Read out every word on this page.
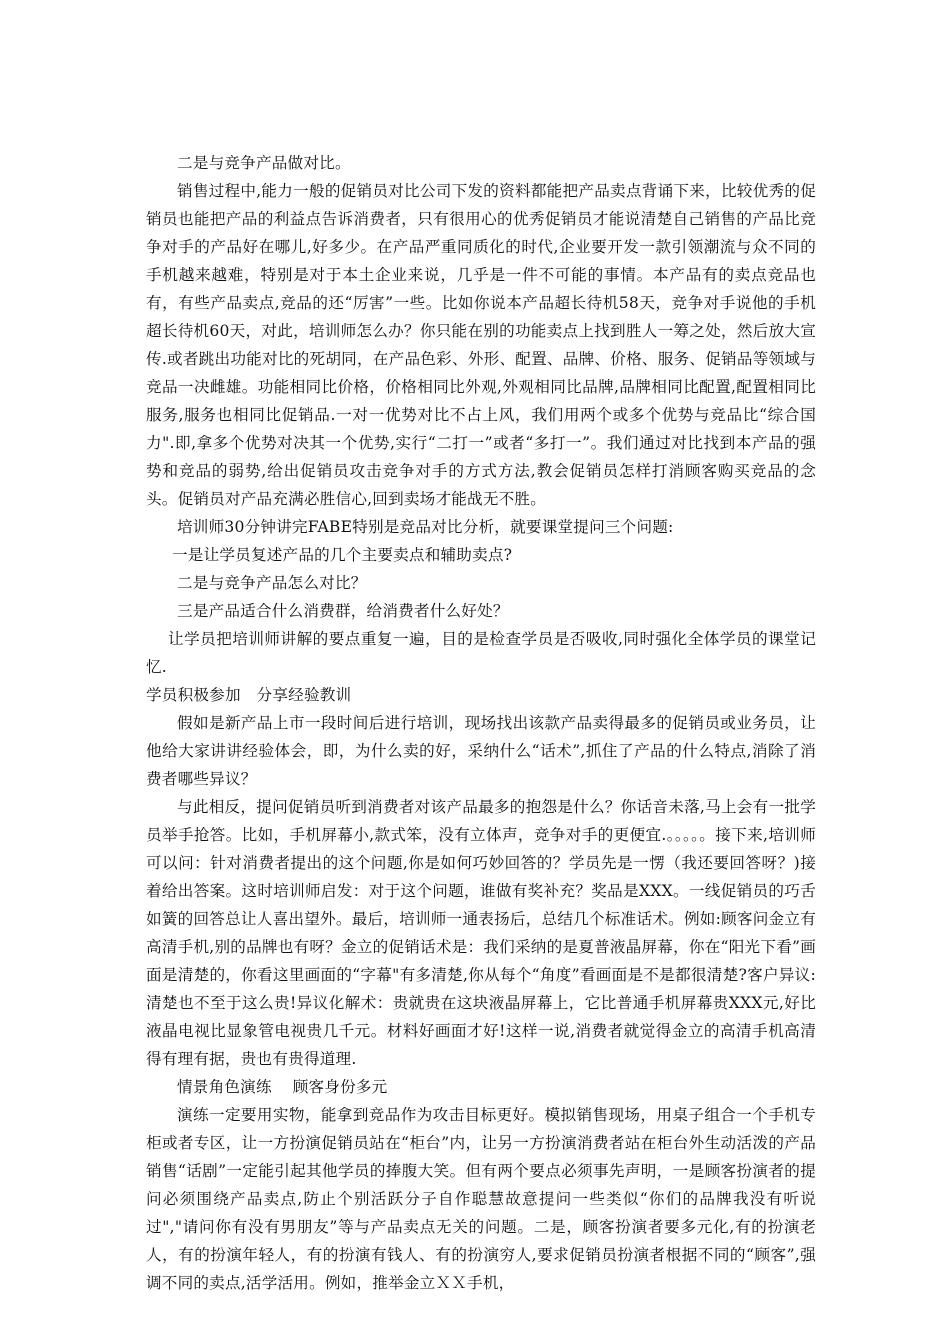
二是与竞争产品做对比。

销售过程中,能力一般的促销员对比公司下发的资料都能把产品卖点背诵下来，比较优秀的促销员也能把产品的利益点告诉消费者，只有很用心的优秀促销员才能说清楚自己销售的产品比竞争对手的产品好在哪儿,好多少。在产品严重同质化的时代,企业要开发一款引领潮流与众不同的手机越来越难，特别是对于本土企业来说，几乎是一件不可能的事情。本产品有的卖点竞品也有，有些产品卖点,竞品的还“厉害”一些。比如你说本产品超长待机58天，竞争对手说他的手机超长待机60天，对此，培训师怎么办？你只能在别的功能卖点上找到胜人一筹之处，然后放大宣传.或者跳出功能对比的死胡同，在产品色彩、外形、配置、品牌、价格、服务、促销品等领域与竞品一决雌雄。功能相同比价格，价格相同比外观,外观相同比品牌,品牌相同比配置,配置相同比服务,服务也相同比促销品.一对一优势对比不占上风，我们用两个或多个优势与竞品比“综合国力".即,拿多个优势对决其一个优势,实行“二打一”或者“多打一”。我们通过对比找到本产品的强势和竞品的弱势,给出促销员攻击竞争对手的方式方法,教会促销员怎样打消顾客购买竞品的念头。促销员对产品充满必胜信心,回到卖场才能战无不胜。

培训师30分钟讲完FABE特别是竞品对比分析，就要课堂提问三个问题:

一是让学员复述产品的几个主要卖点和辅助卖点?

二是与竞争产品怎么对比？

三是产品适合什么消费群，给消费者什么好处？

让学员把培训师讲解的要点重复一遍，目的是检查学员是否吸收,同时强化全体学员的课堂记忆.

学员积极参加　分享经验教训

假如是新产品上市一段时间后进行培训，现场找出该款产品卖得最多的促销员或业务员，让他给大家讲讲经验体会，即，为什么卖的好，采纳什么“话术”,抓住了产品的什么特点,消除了消费者哪些异议？

与此相反，提问促销员听到消费者对该产品最多的抱怨是什么？你话音未落,马上会有一批学员举手抢答。比如，手机屏幕小,款式笨，没有立体声，竞争对手的更便宜.。。。。。接下来,培训师可以问：针对消费者提出的这个问题,你是如何巧妙回答的？学员先是一愣（我还要回答呀？)接着给出答案。这时培训师启发：对于这个问题，谁做有奖补充？奖品是XXX。一线促销员的巧舌如簧的回答总让人喜出望外。最后，培训师一通表扬后，总结几个标准话术。例如:顾客问金立有高清手机,别的品牌也有呀？金立的促销话术是：我们采纳的是夏普液晶屏幕，你在“阳光下看”画面是清楚的，你看这里画面的“字幕"有多清楚,你从每个“角度”看画面是不是都很清楚?客户异议:清楚也不至于这么贵!异议化解术：贵就贵在这块液晶屏幕上，它比普通手机屏幕贵XXX元,好比液晶电视比显象管电视贵几千元。材料好画面才好!这样一说,消费者就觉得金立的高清手机高清得有理有据，贵也有贵得道理.

情景角色演练　 顾客身份多元

演练一定要用实物，能拿到竞品作为攻击目标更好。模拟销售现场，用桌子组合一个手机专柜或者专区，让一方扮演促销员站在“柜台”内，让另一方扮演消费者站在柜台外生动活泼的产品销售“话剧”一定能引起其他学员的捧腹大笑。但有两个要点必须事先声明，一是顾客扮演者的提问必须围绕产品卖点,防止个别活跃分子自作聪慧故意提问一些类似“你们的品牌我没有听说过","请问你有没有男朋友”等与产品卖点无关的问题。二是，顾客扮演者要多元化,有的扮演老人，有的扮演年轻人，有的扮演有钱人、有的扮演穷人,要求促销员扮演者根据不同的“顾客”,强调不同的卖点,活学活用。例如，推举金立ＸＸ手机，
